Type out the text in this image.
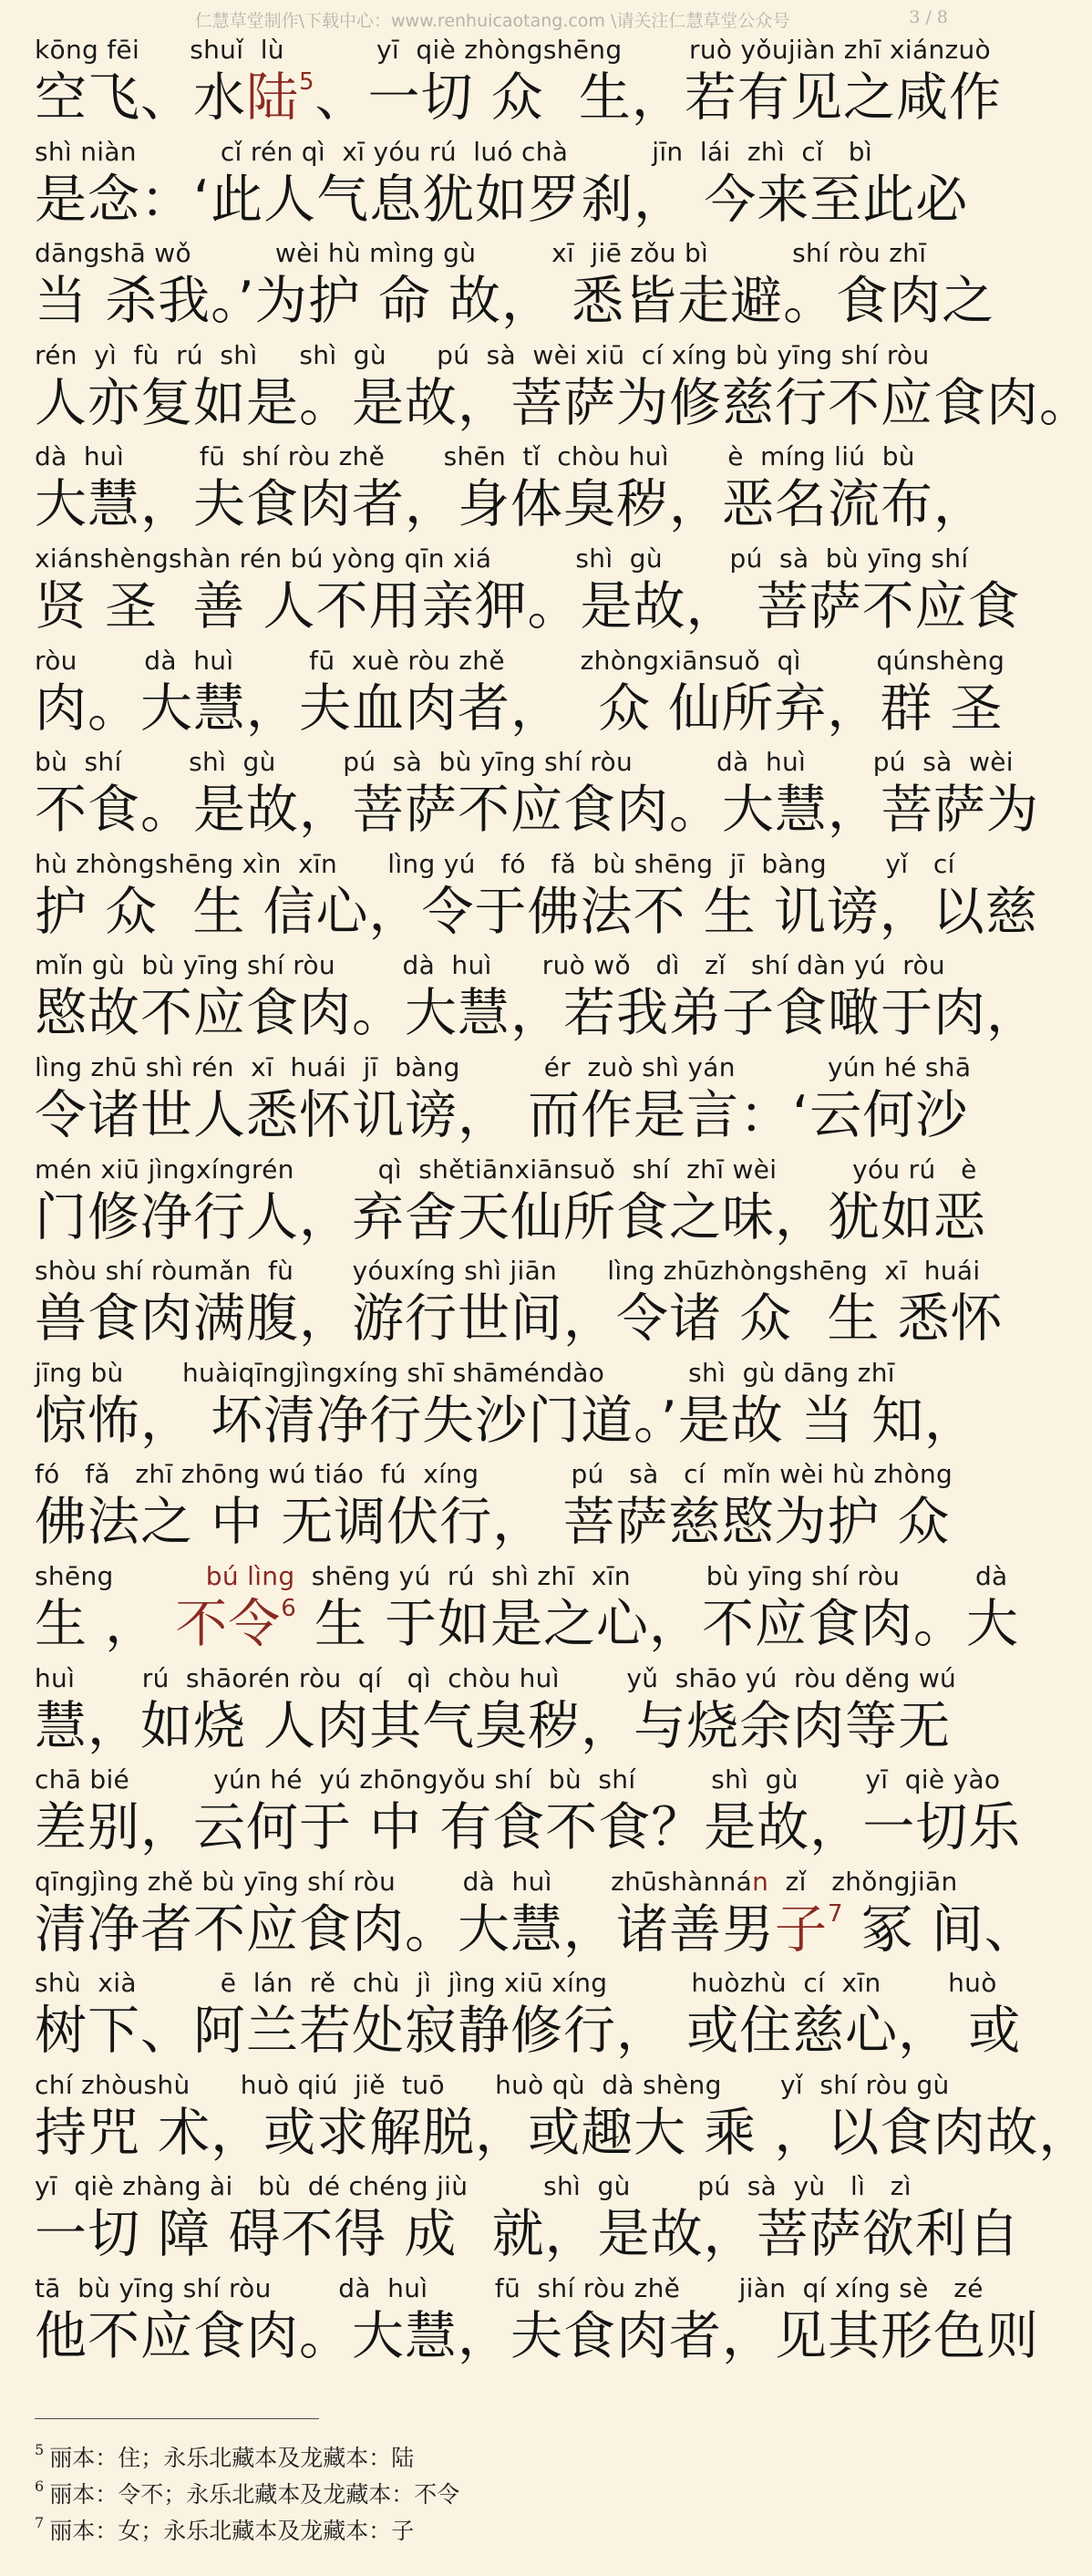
仁慧草堂制作\下载中心：www.renhuicaotang.com \请关注仁慧草堂公众号	3 / 8
kōng fēi      shuǐ  lù           yī  qiè zhòngshēng        ruò yǒujiàn zhī xiánzuò
空飞、水陆$^5$、一切 众  生，若有见之咸作
shì niàn          cǐ rén qì  xī yóu rú  luó chà          jīn  lái  zhì  cǐ   bì
是念：‘此人气息犹如罗刹， 今来至此必
dāngshā wǒ          wèi hù mìng gù         xī  jiē zǒu bì          shí ròu zhī
当 杀我。’为护 命 故， 悉皆走避。食肉之
rén  yì  fù  rú  shì     shì  gù      pú  sà  wèi xiū  cí xíng bù yīng shí ròu
人亦复如是。是故，菩萨为修慈行不应食肉。
dà  huì         fū  shí ròu zhě       shēn  tǐ  chòu huì       è  míng liú  bù
大慧，夫食肉者，身体臭秽，恶名流布，
xiánshèngshàn rén bú yòng qīn xiá          shì  gù        pú  sà  bù yīng shí
贤 圣  善 人不用亲狎。是故， 菩萨不应食
ròu        dà  huì         fū  xuè ròu zhě         zhòngxiānsuǒ  qì         qúnshèng
肉。大慧，夫血肉者，  众 仙所弃，群 圣
bù  shí        shì  gù        pú  sà  bù yīng shí ròu          dà  huì        pú  sà  wèi
不食。是故，菩萨不应食肉。大慧，菩萨为
hù zhòngshēng xìn  xīn      lìng yú   fó   fǎ  bù shēng  jī  bàng       yǐ   cí
护 众  生 信心，令于佛法不 生 讥谤，以慈
mǐn gù  bù yīng shí ròu        dà  huì      ruò wǒ   dì   zǐ   shí dàn yú  ròu
愍故不应食肉。大慧，若我弟子食噉于肉，
lìng zhū shì rén  xī  huái  jī  bàng          ér  zuò shì yán           yún hé shā
令诸世人悉怀讥谤， 而作是言：‘云何沙
mén xiū jìngxíngrén          qì  shětiānxiānsuǒ  shí  zhī wèi         yóu rú   è
门修净行人，弃舍天仙所食之味，犹如恶
shòu shí ròumǎn  fù       yóuxíng shì jiān      lìng zhūzhòngshēng  xī  huái
兽食肉满腹，游行世间，令诸 众  生 悉怀
jīng bù       huàiqīngjìngxíng shī shāméndào          shì  gù dāng zhī
惊怖， 坏清净行失沙门道。’是故 当 知，
fó   fǎ   zhī zhōng wú tiáo  fú  xíng           pú   sà   cí  mǐn wèi hù zhòng
佛法之 中 无调伏行， 菩萨慈愍为护 众
shēng           bú lìng  shēng yú  rú  shì zhī  xīn         bù yīng shí ròu         dà
生 ， 不令$^6$ 生 于如是之心，不应食肉。大
huì        rú  shāorén ròu  qí   qì  chòu huì        yǔ  shāo yú  ròu děng wú
慧，如烧 人肉其气臭秽，与烧余肉等无
chā bié          yún hé  yú zhōngyǒu shí  bù  shí         shì  gù        yī  qiè yào
差别，云何于 中 有食不食？是故，一切乐
qīngjìng zhě bù yīng shí ròu        dà  huì       zhūshànnán  zǐ   zhǒngjiān
清净者不应食肉。大慧，诸善男子$^7$ 冢 间、
shù  xià          ē  lán  rě  chù  jì  jìng xiū xíng          huòzhù  cí  xīn        huò
树下、阿兰若处寂静修行， 或住慈心， 或
chí zhòushù      huò qiú  jiě  tuō      huò qù  dà shèng       yǐ  shí ròu gù
持咒 术，或求解脱，或趣大 乘 ，以食肉故，
yī  qiè zhàng ài   bù  dé chéng jiù         shì  gù        pú  sà  yù   lì   zì
一切 障 碍不得 成  就，是故，菩萨欲利自
tā  bù yīng shí ròu        dà  huì        fū  shí ròu zhě       jiàn  qí xíng sè   zé
他不应食肉。大慧，夫食肉者，见其形色则
$^5$ 丽本：住；永乐北藏本及龙藏本：陆
$^6$ 丽本：令不；永乐北藏本及龙藏本：不令
$^7$ 丽本：女；永乐北藏本及龙藏本：子
